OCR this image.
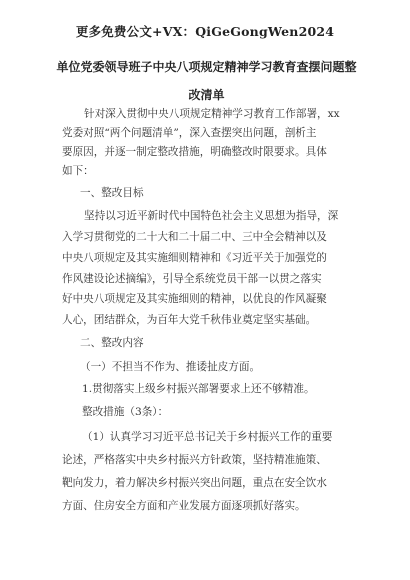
更多免费公文+VX：QiGeGongWen2024
单位党委领导班子中央八项规定精神学习教育查摆问题整
改清单
针对深入贯彻中央八项规定精神学习教育工作部署，xx
党委对照“两个问题清单”，深入查摆突出问题，剖析主
要原因，并逐一制定整改措施，明确整改时限要求。具体
如下：
一、整改目标
坚持以习近平新时代中国特色社会主义思想为指导，深
入学习贯彻党的二十大和二十届二中、三中全会精神以及
中央八项规定及其实施细则精神和《习近平关于加强党的
作风建设论述摘编》，引导全系统党员干部一以贯之落实
好中央八项规定及其实施细则的精神，以优良的作风凝聚
人心，团结群众，为百年大党千秋伟业奠定坚实基础。
二、整改内容
（一）不担当不作为、推诿扯皮方面。
1.贯彻落实上级乡村振兴部署要求上还不够精准。
整改措施（3条）：
（1）认真学习习近平总书记关于乡村振兴工作的重要
论述，严格落实中央乡村振兴方针政策，坚持精准施策、
靶向发力，着力解决乡村振兴突出问题，重点在安全饮水
方面、住房安全方面和产业发展方面逐项抓好落实。
